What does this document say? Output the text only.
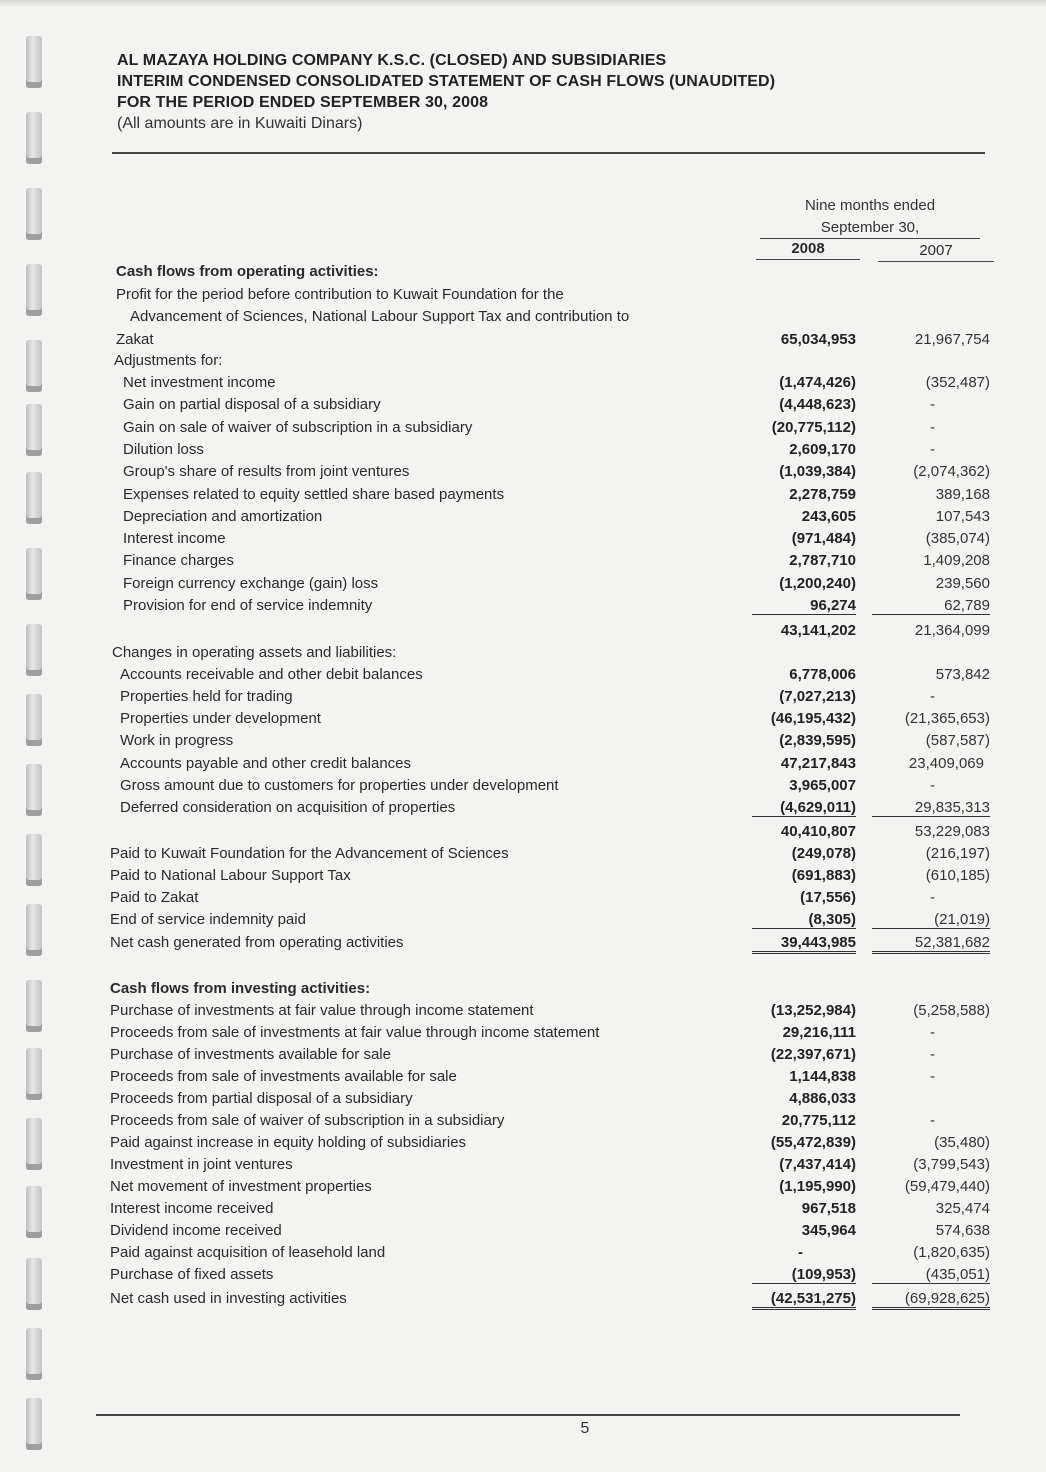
AL MAZAYA HOLDING COMPANY K.S.C. (CLOSED) AND SUBSIDIARIES
INTERIM CONDENSED CONSOLIDATED STATEMENT OF CASH FLOWS (UNAUDITED)
FOR THE PERIOD ENDED SEPTEMBER 30, 2008
(All amounts are in Kuwaiti Dinars)
Nine months ended
September 30,
2008	2007
Cash flows from operating activities:
Profit for the period before contribution to Kuwait Foundation for the
Advancement of Sciences, National Labour Support Tax and contribution to
Zakat	65,034,953	21,967,754
Adjustments for:
Net investment income	(1,474,426)	(352,487)
Gain on partial disposal of a subsidiary	(4,448,623)	-
Gain on sale of waiver of subscription in a subsidiary	(20,775,112)	-
Dilution loss	2,609,170	-
Group's share of results from joint ventures	(1,039,384)	(2,074,362)
Expenses related to equity settled share based payments	2,278,759	389,168
Depreciation and amortization	243,605	107,543
Interest income	(971,484)	(385,074)
Finance charges	2,787,710	1,409,208
Foreign currency exchange (gain) loss	(1,200,240)	239,560
Provision for end of service indemnity	96,274	62,789
43,141,202	21,364,099
Changes in operating assets and liabilities:
Accounts receivable and other debit balances	6,778,006	573,842
Properties held for trading	(7,027,213)	-
Properties under development	(46,195,432)	(21,365,653)
Work in progress	(2,839,595)	(587,587)
Accounts payable and other credit balances	47,217,843	23,409,069
Gross amount due to customers for properties under development	3,965,007	-
Deferred consideration on acquisition of properties	(4,629,011)	29,835,313
40,410,807	53,229,083
Paid to Kuwait Foundation for the Advancement of Sciences	(249,078)	(216,197)
Paid to National Labour Support Tax	(691,883)	(610,185)
Paid to Zakat	(17,556)	-
End of service indemnity paid	(8,305)	(21,019)
Net cash generated from operating activities	39,443,985	52,381,682
Cash flows from investing activities:
Purchase of investments at fair value through income statement	(13,252,984)	(5,258,588)
Proceeds from sale of investments at fair value through income statement	29,216,111	-
Purchase of investments available for sale	(22,397,671)	-
Proceeds from sale of investments available for sale	1,144,838	-
Proceeds from partial disposal of a subsidiary	4,886,033
Proceeds from sale of waiver of subscription in a subsidiary	20,775,112	-
Paid against increase in equity holding of subsidiaries	(55,472,839)	(35,480)
Investment in joint ventures	(7,437,414)	(3,799,543)
Net movement of investment properties	(1,195,990)	(59,479,440)
Interest income received	967,518	325,474
Dividend income received	345,964	574,638
Paid against acquisition of leasehold land	-	(1,820,635)
Purchase of fixed assets	(109,953)	(435,051)
Net cash used in investing activities	(42,531,275)	(69,928,625)
5
